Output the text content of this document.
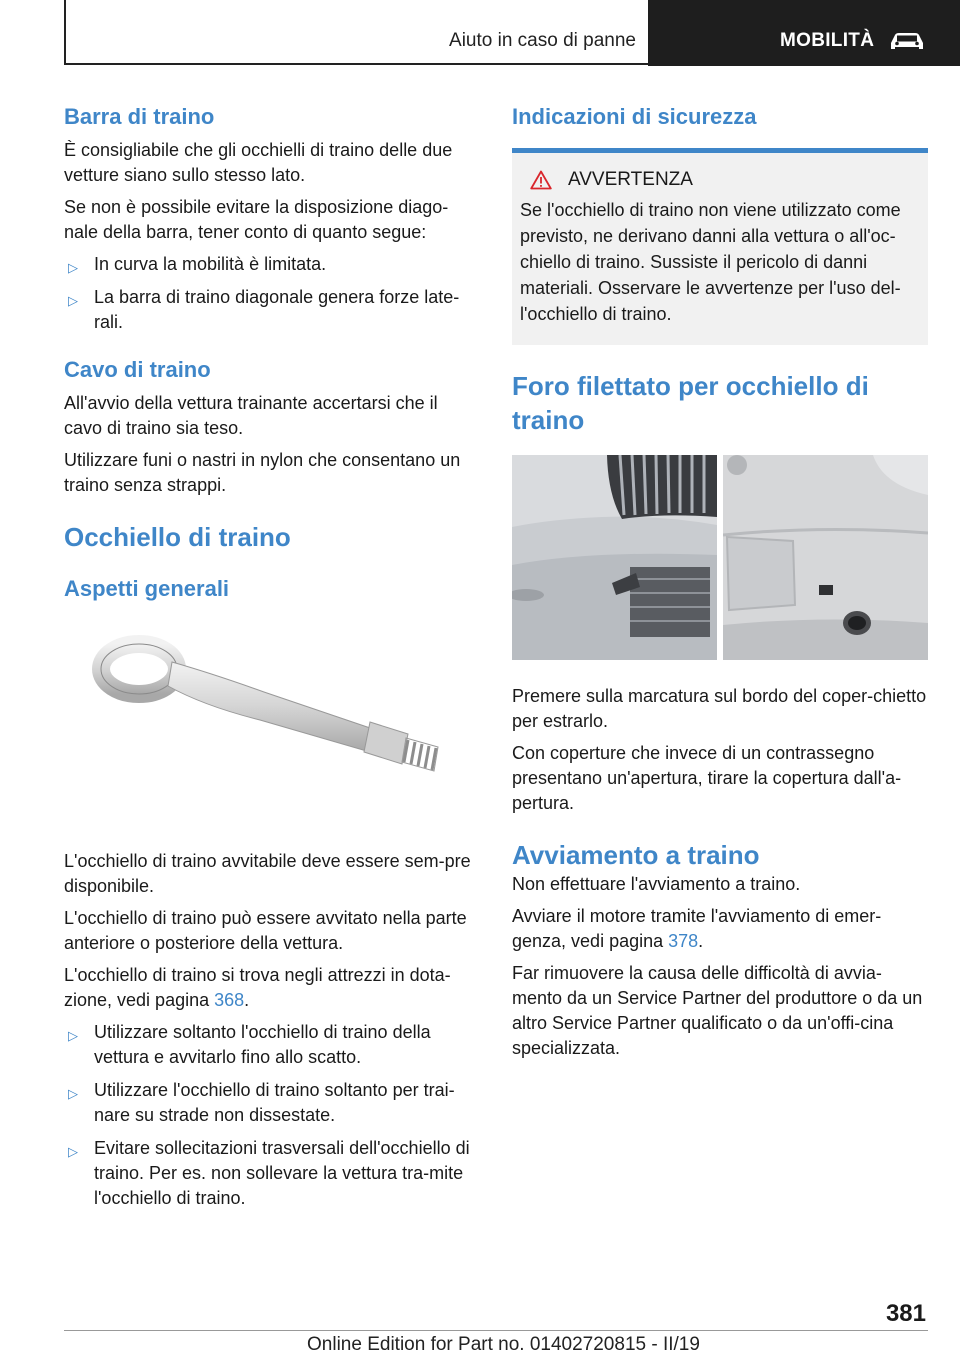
Aiuto in caso di panne	MOBILITÀ
Barra di traino

È consigliabile che gli occhielli di traino delle due vetture siano sullo stesso lato.

Se non è possibile evitare la disposizione diago-nale della barra, tener conto di quanto segue:

▷ In curva la mobilità è limitata.
▷ La barra di traino diagonale genera forze late-rali.
Cavo di traino

All'avvio della vettura trainante accertarsi che il cavo di traino sia teso.

Utilizzare funi o nastri in nylon che consentano un traino senza strappi.

Occhiello di traino
Aspetti generali

L'occhiello di traino avvitabile deve essere sem-pre disponibile.

L'occhiello di traino può essere avvitato nella parte anteriore o posteriore della vettura.

L'occhiello di traino si trova negli attrezzi in dota-zione, vedi pagina 368.

▷ Utilizzare soltanto l'occhiello di traino della vettura e avvitarlo fino allo scatto.
▷ Utilizzare l'occhiello di traino soltanto per trai-nare su strade non dissestate.
▷ Evitare sollecitazioni trasversali dell'occhiello di traino. Per es. non sollevare la vettura tra-mite l'occhiello di traino.
Indicazioni di sicurezza
AVVERTENZA

Se l'occhiello di traino non viene utilizzato come previsto, ne derivano danni alla vettura o all'oc-chiello di traino. Sussiste il pericolo di danni materiali. Osservare le avvertenze per l'uso del-l'occhiello di traino.

Foro filettato per occhiello di traino

Premere sulla marcatura sul bordo del coper-chietto per estrarlo.

Con coperture che invece di un contrassegno presentano un'apertura, tirare la copertura dall'a-pertura.

Avviamento a traino

Non effettuare l'avviamento a traino.

Avviare il motore tramite l'avviamento di emer-genza, vedi pagina 378.

Far rimuovere la causa delle difficoltà di avvia-mento da un Service Partner del produttore o da un altro Service Partner qualificato o da un'offi-cina specializzata.

381
Online Edition for Part no. 01402720815 - II/19
